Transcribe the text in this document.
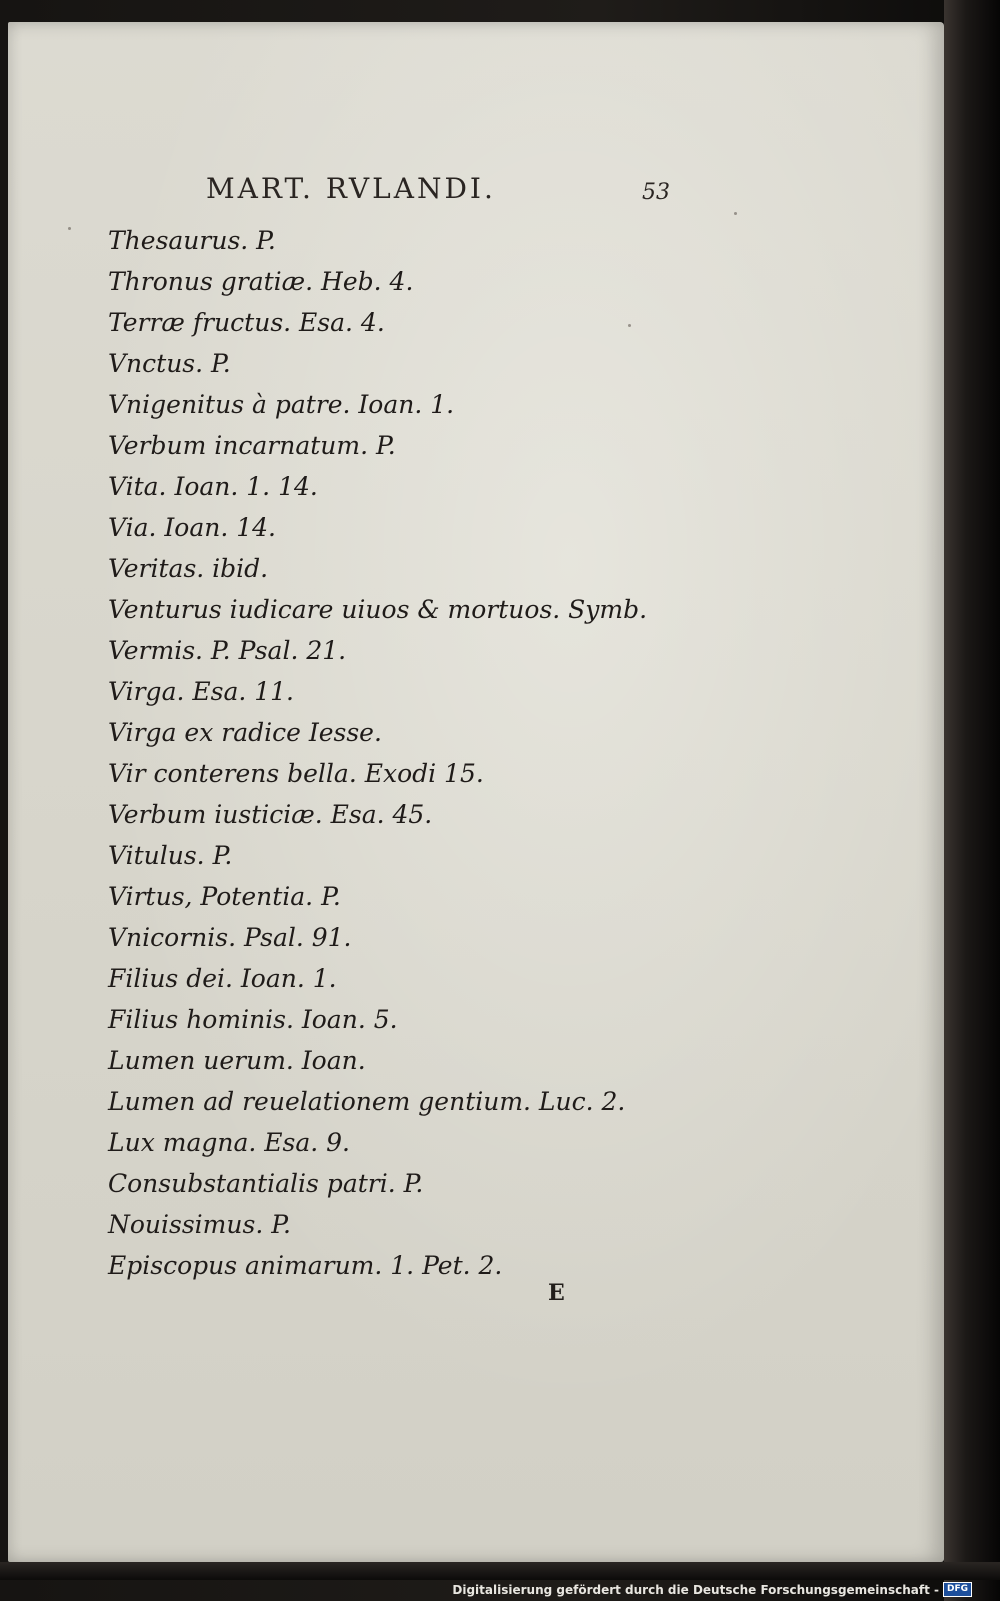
MART. RVLANDI.	53
Thesaurus. P.
Thronus gratiæ. Heb. 4.
Terræ fructus. Esa. 4.
Vnctus. P.
Vnigenitus à patre. Ioan. 1.
Verbum incarnatum. P.
Vita. Ioan. 1. 14.
Via. Ioan. 14.
Veritas. ibid.
Venturus iudicare uiuos & mortuos. Symb.
Vermis. P. Psal. 21.
Virga. Esa. 11.
Virga ex radice Iesse.
Vir conterens bella. Exodi 15.
Verbum iusticiæ. Esa. 45.
Vitulus. P.
Virtus, Potentia. P.
Vnicornis. Psal. 91.
Filius dei. Ioan. 1.
Filius hominis. Ioan. 5.
Lumen uerum. Ioan.
Lumen ad reuelationem gentium. Luc. 2.
Lux magna. Esa. 9.
Consubstantialis patri. P.
Nouissimus. P.
Episcopus animarum. 1. Pet. 2.
E
Digitalisierung gefördert durch die Deutsche Forschungsgemeinschaft - DFG
